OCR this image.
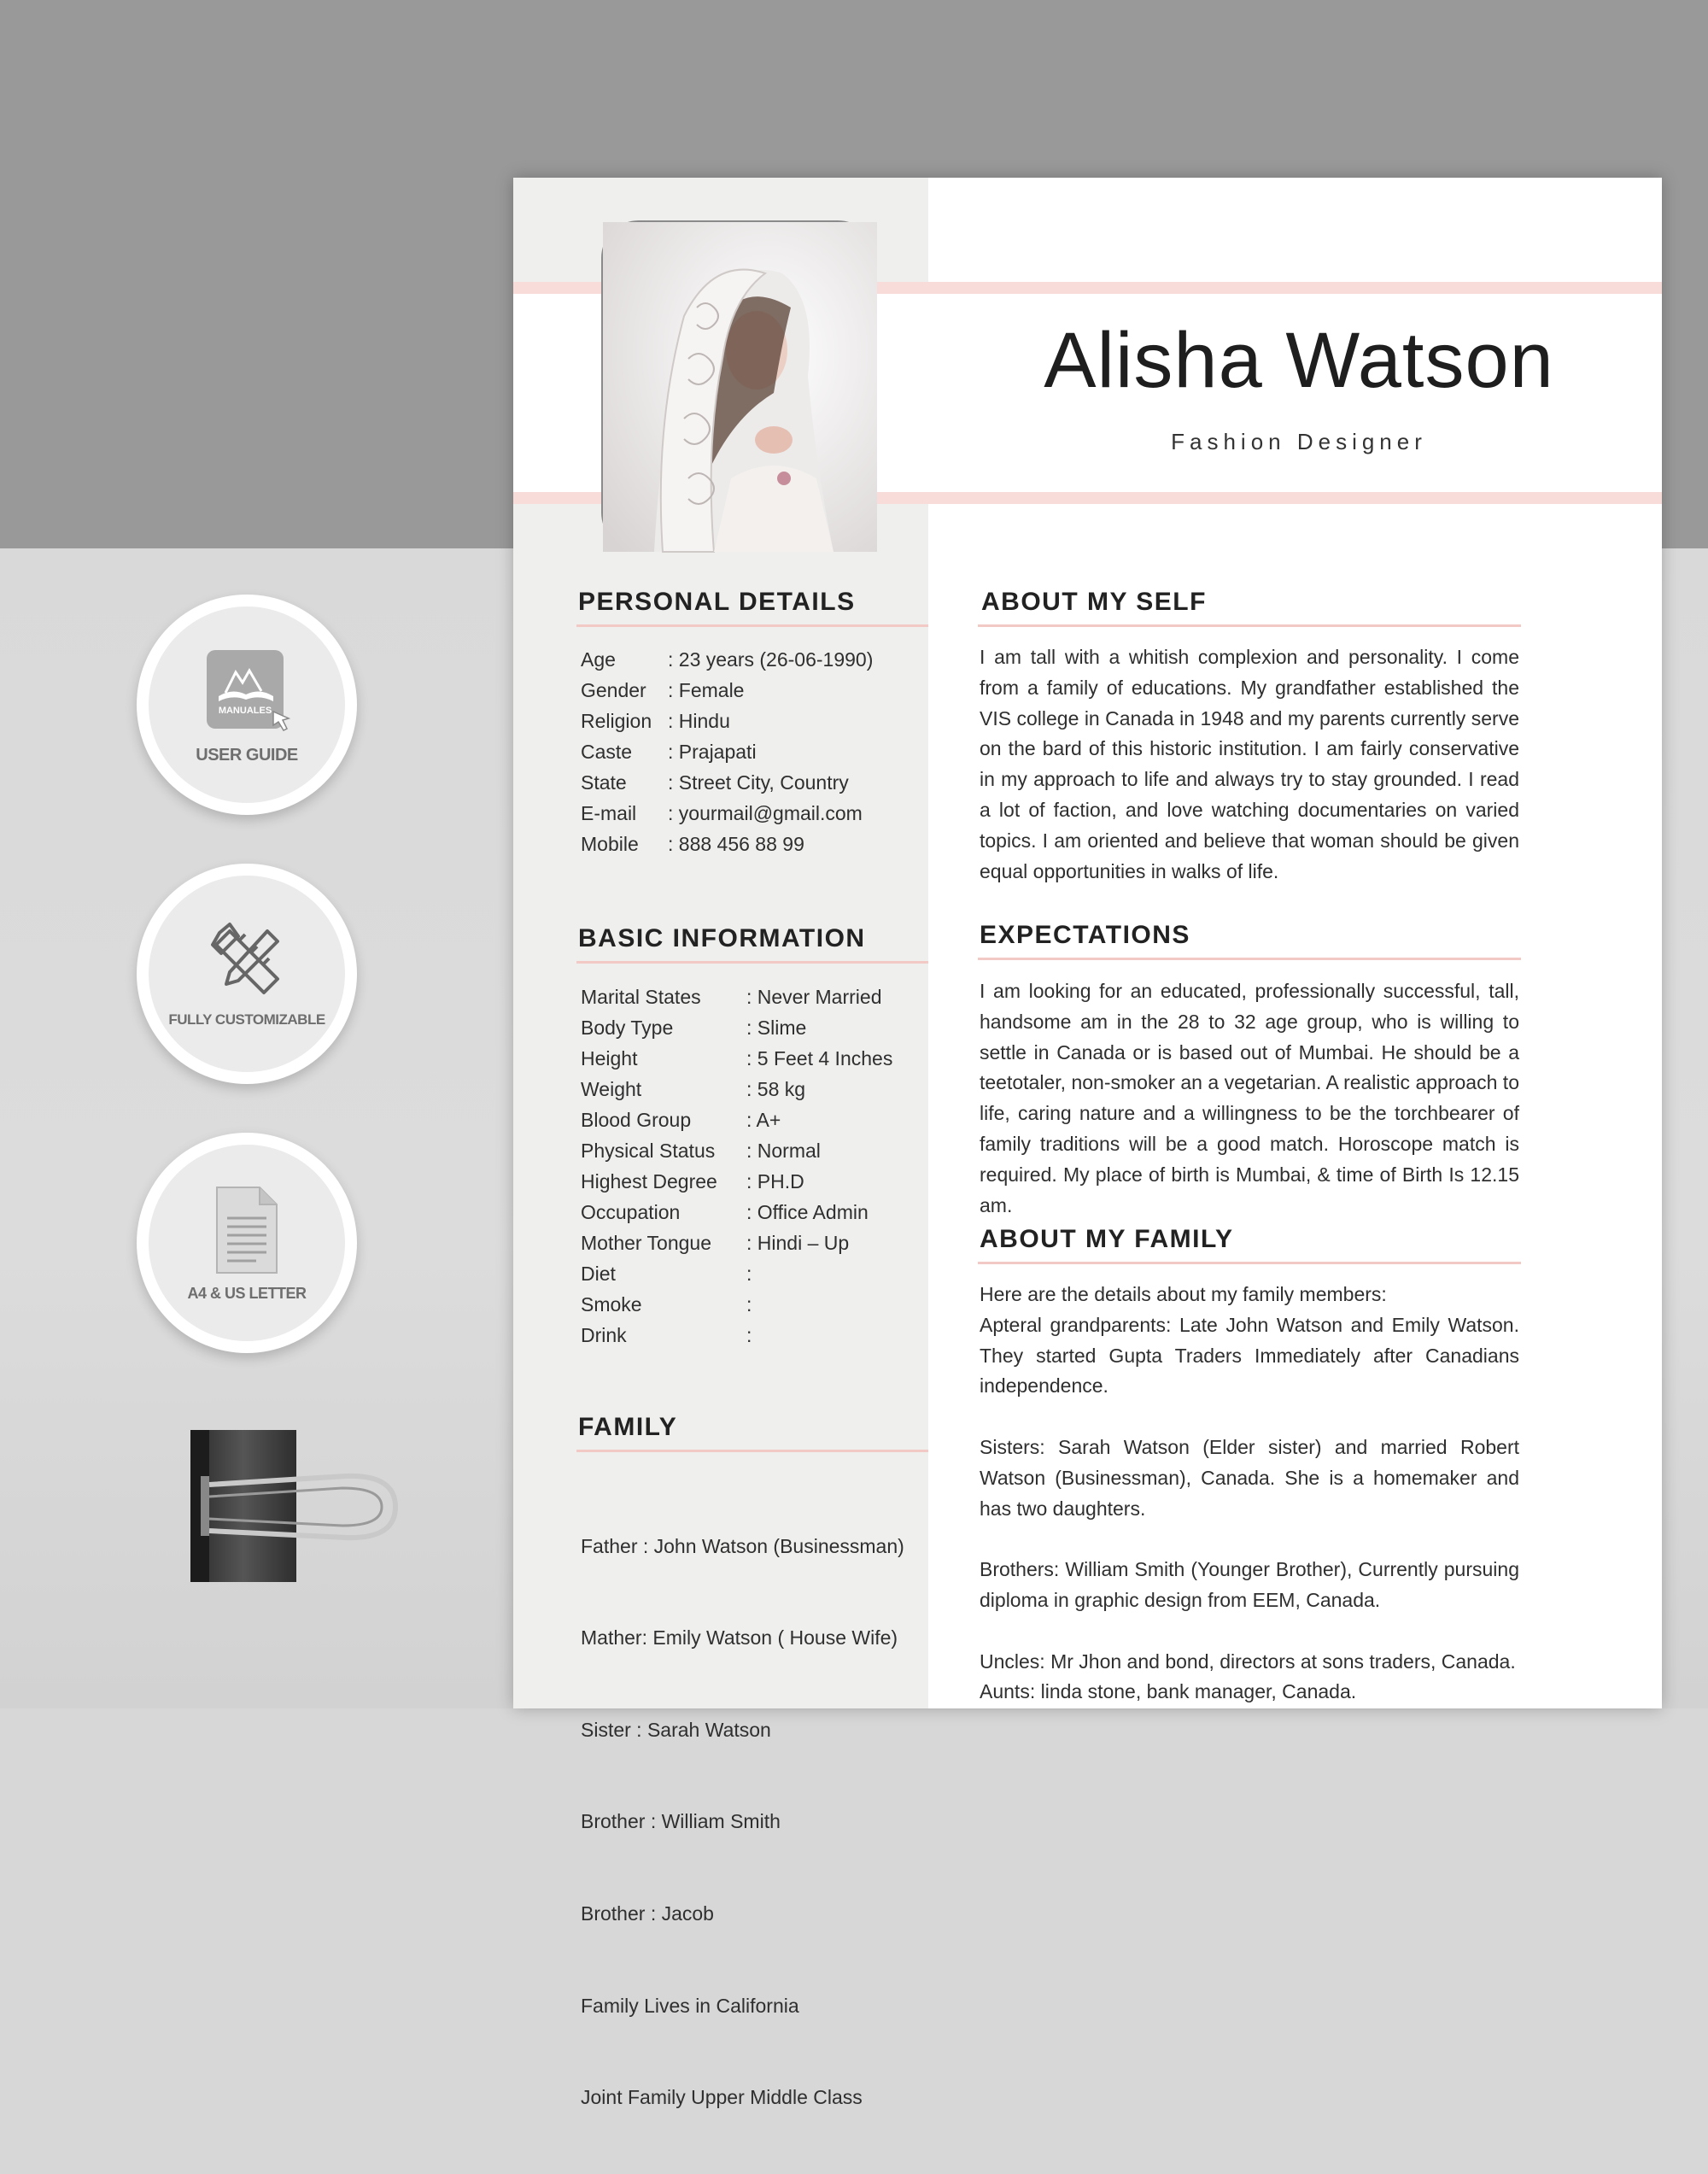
MANUALES
USER GUIDE
FULLY CUSTOMIZABLE
A4 & US LETTER
Alisha Watson
Fashion Designer
PERSONAL DETAILS
Age	: 23 years (26-06-1990)
Gender	: Female
Religion : Hindu
Caste	: Prajapati
State	: Street City, Country
E-mail	: yourmail@gmail.com
Mobile	: 888 456 88 99
BASIC INFORMATION
Marital States	: Never Married
Body Type	: Slime
Height	: 5 Feet 4 Inches
Weight	: 58 kg
Blood Group	: A+
Physical Status	: Normal
Highest Degree	: PH.D
Occupation	: Office Admin
Mother Tongue	: Hindi – Up
Diet	:
Smoke	:
Drink	:
FAMILY

Father : John Watson (Businessman)

Mather: Emily Watson ( House Wife)

Sister : Sarah Watson

Brother : William Smith

Brother : Jacob

Family Lives in California

Joint Family Upper Middle Class

ABOUT MY SELF
I am tall with a whitish complexion and personality. I come from a family of educations. My grandfather established the VIS college in Canada in 1948 and my parents currently serve on the bard of this historic institution. I am fairly conservative in my approach to life and always try to stay grounded. I read a lot of faction, and love watching documentaries on varied topics. I am oriented and believe that woman should be given equal opportunities in walks of life.
EXPECTATIONS
I am looking for an educated, professionally successful, tall, handsome am in the 28 to 32 age group, who is willing to settle in Canada or is based out of Mumbai. He should be a teetotaler, non-smoker an a vegetarian. A realistic approach to life, caring nature and a willingness to be the torchbearer of family traditions will be a good match. Horoscope match is required. My place of birth is Mumbai, & time of Birth Is 12.15 am.
ABOUT MY FAMILY
Here are the details about my family members:
Apteral grandparents: Late John Watson and Emily Watson. They started Gupta Traders Immediately after Canadians independence.
Sisters: Sarah Watson (Elder sister) and married Robert Watson (Businessman), Canada. She is a homemaker and has two daughters.
Brothers: William Smith (Younger Brother), Currently pursuing diploma in graphic design from EEM, Canada.
Uncles: Mr Jhon and bond, directors at sons traders, Canada.
Aunts: linda stone, bank manager, Canada.
